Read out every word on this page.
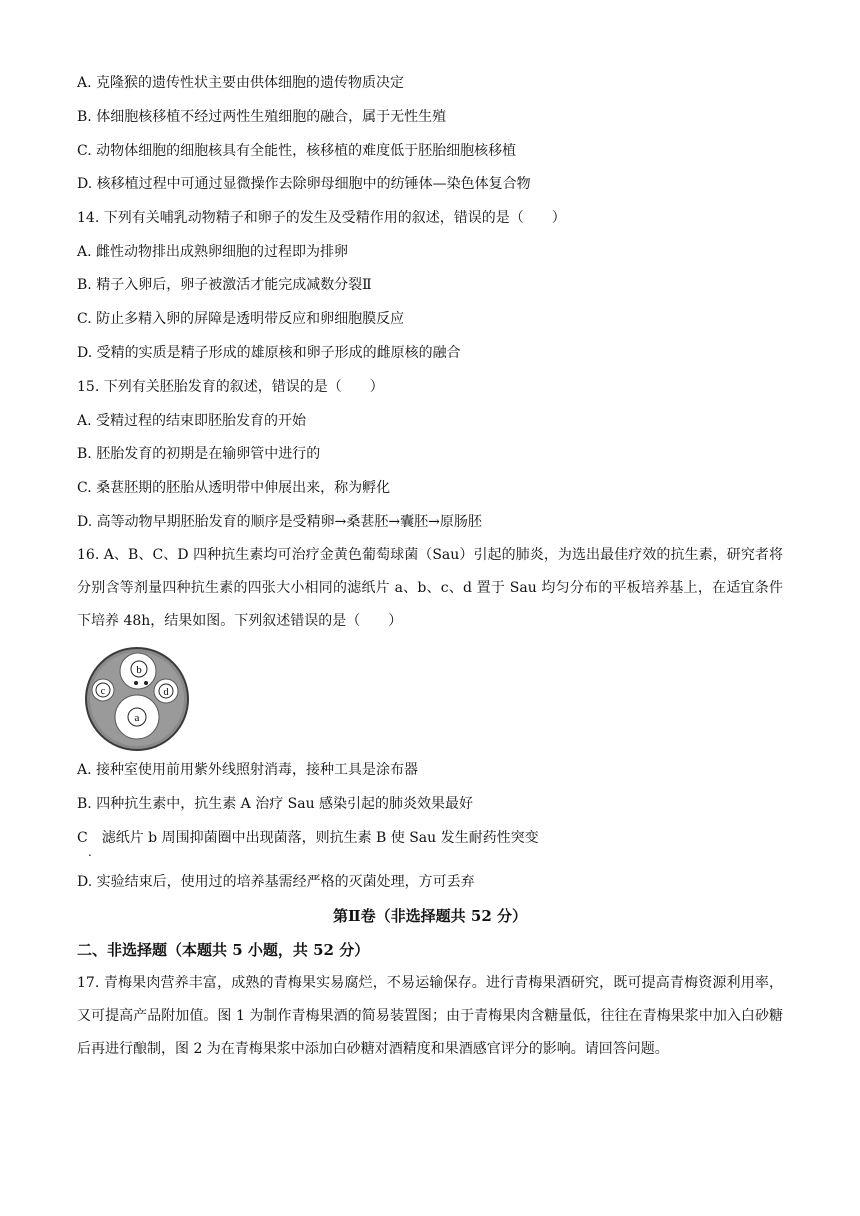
A. 克隆猴的遗传性状主要由供体细胞的遗传物质决定
B. 体细胞核移植不经过两性生殖细胞的融合，属于无性生殖
C. 动物体细胞的细胞核具有全能性，核移植的难度低于胚胎细胞核移植
D. 核移植过程中可通过显微操作去除卵母细胞中的纺锤体—染色体复合物
14. 下列有关哺乳动物精子和卵子的发生及受精作用的叙述，错误的是（　　）
A. 雌性动物排出成熟卵细胞的过程即为排卵
B. 精子入卵后，卵子被激活才能完成减数分裂Ⅱ
C. 防止多精入卵的屏障是透明带反应和卵细胞膜反应
D. 受精的实质是精子形成的雄原核和卵子形成的雌原核的融合
15. 下列有关胚胎发育的叙述，错误的是（　　）
A. 受精过程的结束即胚胎发育的开始
B. 胚胎发育的初期是在输卵管中进行的
C. 桑葚胚期的胚胎从透明带中伸展出来，称为孵化
D. 高等动物早期胚胎发育的顺序是受精卵→桑葚胚→囊胚→原肠胚
16. A、B、C、D 四种抗生素均可治疗金黄色葡萄球菌（Sau）引起的肺炎，为选出最佳疗效的抗生素，研究者将分别含等剂量四种抗生素的四张大小相同的滤纸片 a、b、c、d 置于 Sau 均匀分布的平板培养基上，在适宜条件下培养 48h，结果如图。下列叙述错误的是（　　）
a
b
c	d
A. 接种室使用前用紫外线照射消毒，接种工具是涂布器
B. 四种抗生素中，抗生素 A 治疗 Sau 感染引起的肺炎效果最好
C　滤纸片 b 周围抑菌圈中出现菌落，则抗生素 B 使 Sau 发生耐药性突变
.
D. 实验结束后，使用过的培养基需经严格的灭菌处理，方可丢弃
第Ⅱ卷（非选择题共 52 分）
二、非选择题（本题共 5 小题，共 52 分）
17. 青梅果肉营养丰富，成熟的青梅果实易腐烂，不易运输保存。进行青梅果酒研究，既可提高青梅资源利用率，又可提高产品附加值。图 1 为制作青梅果酒的简易装置图；由于青梅果肉含糖量低，往往在青梅果浆中加入白砂糖后再进行酿制，图 2 为在青梅果浆中添加白砂糖对酒精度和果酒感官评分的影响。请回答问题。
